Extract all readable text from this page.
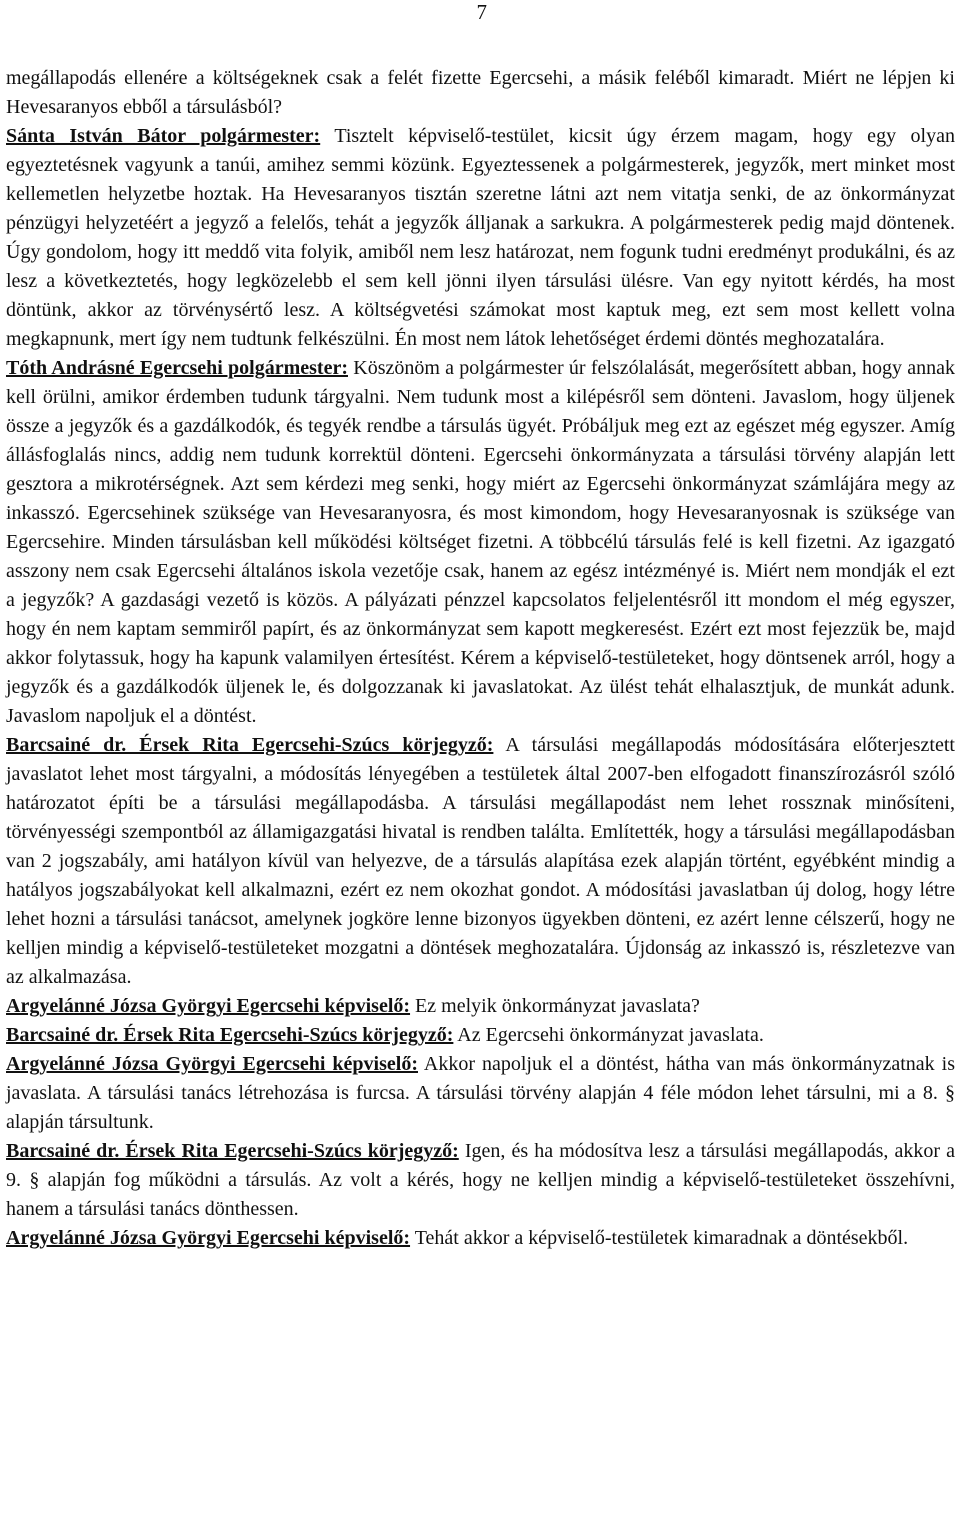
7

megállapodás ellenére a költségeknek csak a felét fizette Egercsehi, a másik feléből kimaradt. Miért ne lépjen ki Hevesaranyos ebből a társulásból?

Sánta István Bátor polgármester: Tisztelt képviselő-testület, kicsit úgy érzem magam, hogy egy olyan egyeztetésnek vagyunk a tanúi, amihez semmi közünk. Egyeztessenek a polgármesterek, jegyzők, mert minket most kellemetlen helyzetbe hoztak. Ha Hevesaranyos tisztán szeretne látni azt nem vitatja senki, de az önkormányzat pénzügyi helyzetéért a jegyző a felelős, tehát a jegyzők álljanak a sarkukra. A polgármesterek pedig majd döntenek. Úgy gondolom, hogy itt meddő vita folyik, amiből nem lesz határozat, nem fogunk tudni eredményt produkálni, és az lesz a következtetés, hogy legközelebb el sem kell jönni ilyen társulási ülésre. Van egy nyitott kérdés, ha most döntünk, akkor az törvénysértő lesz. A költségvetési számokat most kaptuk meg, ezt sem most kellett volna megkapnunk, mert így nem tudtunk felkészülni. Én most nem látok lehetőséget érdemi döntés meghozatalára.

Tóth Andrásné Egercsehi polgármester: Köszönöm a polgármester úr felszólalását, megerősített abban, hogy annak kell örülni, amikor érdemben tudunk tárgyalni. Nem tudunk most a kilépésről sem dönteni. Javaslom, hogy üljenek össze a jegyzők és a gazdálkodók, és tegyék rendbe a társulás ügyét. Próbáljuk meg ezt az egészet még egyszer. Amíg állásfoglalás nincs, addig nem tudunk korrektül dönteni. Egercsehi önkormányzata a társulási törvény alapján lett gesztora a mikrotérségnek. Azt sem kérdezi meg senki, hogy miért az Egercsehi önkormányzat számlájára megy az inkasszó. Egercsehinek szüksége van Hevesaranyosra, és most kimondom, hogy Hevesaranyosnak is szüksége van Egercsehire. Minden társulásban kell működési költséget fizetni. A többcélú társulás felé is kell fizetni. Az igazgató asszony nem csak Egercsehi általános iskola vezetője csak, hanem az egész intézményé is. Miért nem mondják el ezt a jegyzők? A gazdasági vezető is közös. A pályázati pénzzel kapcsolatos feljelentésről itt mondom el még egyszer, hogy én nem kaptam semmiről papírt, és az önkormányzat sem kapott megkeresést. Ezért ezt most fejezzük be, majd akkor folytassuk, hogy ha kapunk valamilyen értesítést. Kérem a képviselő-testületeket, hogy döntsenek arról, hogy a jegyzők és a gazdálkodók üljenek le, és dolgozzanak ki javaslatokat. Az ülést tehát elhalasztjuk, de munkát adunk. Javaslom napoljuk el a döntést.

Barcsainé dr. Érsek Rita Egercsehi-Szúcs körjegyző: A társulási megállapodás módosítására előterjesztett javaslatot lehet most tárgyalni, a módosítás lényegében a testületek által 2007-ben elfogadott finanszírozásról szóló határozatot építi be a társulási megállapodásba. A társulási megállapodást nem lehet rossznak minősíteni, törvényességi szempontból az államigazgatási hivatal is rendben találta. Említették, hogy a társulási megállapodásban van 2 jogszabály, ami hatályon kívül van helyezve, de a társulás alapítása ezek alapján történt, egyébként mindig a hatályos jogszabályokat kell alkalmazni, ezért ez nem okozhat gondot. A módosítási javaslatban új dolog, hogy létre lehet hozni a társulási tanácsot, amelynek jogköre lenne bizonyos ügyekben dönteni, ez azért lenne célszerű, hogy ne kelljen mindig a képviselő-testületeket mozgatni a döntések meghozatalára. Újdonság az inkasszó is, részletezve van az alkalmazása.

Argyelánné Józsa Györgyi Egercsehi képviselő: Ez melyik önkormányzat javaslata?

Barcsainé dr. Érsek Rita Egercsehi-Szúcs körjegyző: Az Egercsehi önkormányzat javaslata.

Argyelánné Józsa Györgyi Egercsehi képviselő: Akkor napoljuk el a döntést, hátha van más önkormányzatnak is javaslata. A társulási tanács létrehozása is furcsa. A társulási törvény alapján 4 féle módon lehet társulni, mi a 8. § alapján társultunk.

Barcsainé dr. Érsek Rita Egercsehi-Szúcs körjegyző: Igen, és ha módosítva lesz a társulási megállapodás, akkor a 9. § alapján fog működni a társulás. Az volt a kérés, hogy ne kelljen mindig a képviselő-testületeket összehívni, hanem a társulási tanács dönthessen.

Argyelánné Józsa Györgyi Egercsehi képviselő: Tehát akkor a képviselő-testületek kimaradnak a döntésekből.
